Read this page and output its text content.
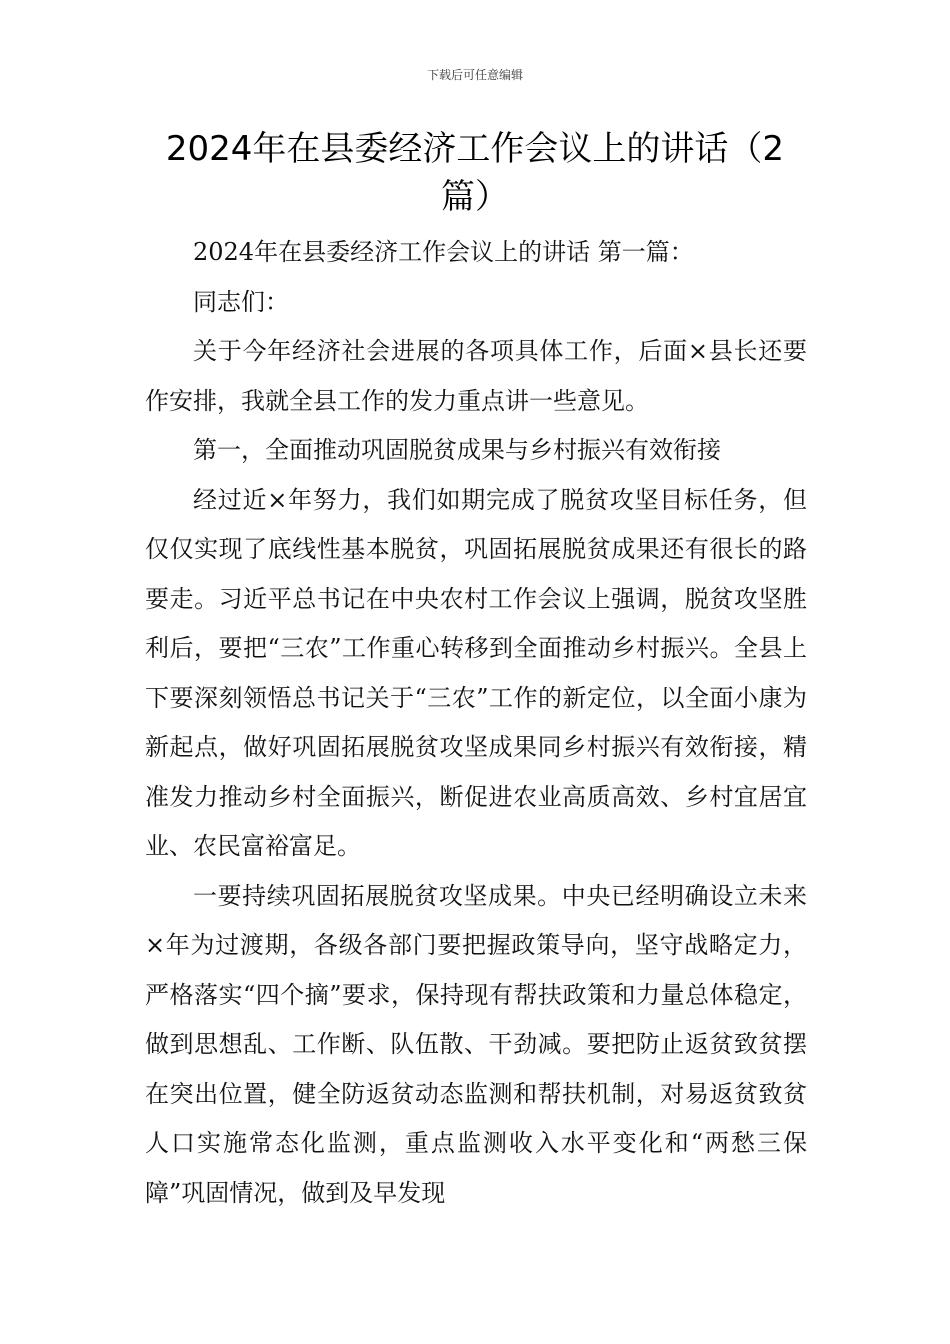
下载后可任意编辑
2024年在县委经济工作会议上的讲话（2篇）

2024年在县委经济工作会议上的讲话 第一篇：

同志们：

关于今年经济社会进展的各项具体工作，后面×县长还要作安排，我就全县工作的发力重点讲一些意见。

第一，全面推动巩固脱贫成果与乡村振兴有效衔接

经过近×年努力，我们如期完成了脱贫攻坚目标任务，但仅仅实现了底线性基本脱贫，巩固拓展脱贫成果还有很长的路要走。习近平总书记在中央农村工作会议上强调，脱贫攻坚胜利后，要把“三农”工作重心转移到全面推动乡村振兴。全县上下要深刻领悟总书记关于“三农”工作的新定位，以全面小康为新起点，做好巩固拓展脱贫攻坚成果同乡村振兴有效衔接，精准发力推动乡村全面振兴，断促进农业高质高效、乡村宜居宜业、农民富裕富足。

一要持续巩固拓展脱贫攻坚成果。中央已经明确设立未来×年为过渡期，各级各部门要把握政策导向，坚守战略定力，严格落实“四个摘”要求，保持现有帮扶政策和力量总体稳定，做到思想乱、工作断、队伍散、干劲减。要把防止返贫致贫摆在突出位置，健全防返贫动态监测和帮扶机制，对易返贫致贫人口实施常态化监测，重点监测收入水平变化和“两愁三保障”巩固情况，做到及早发现
